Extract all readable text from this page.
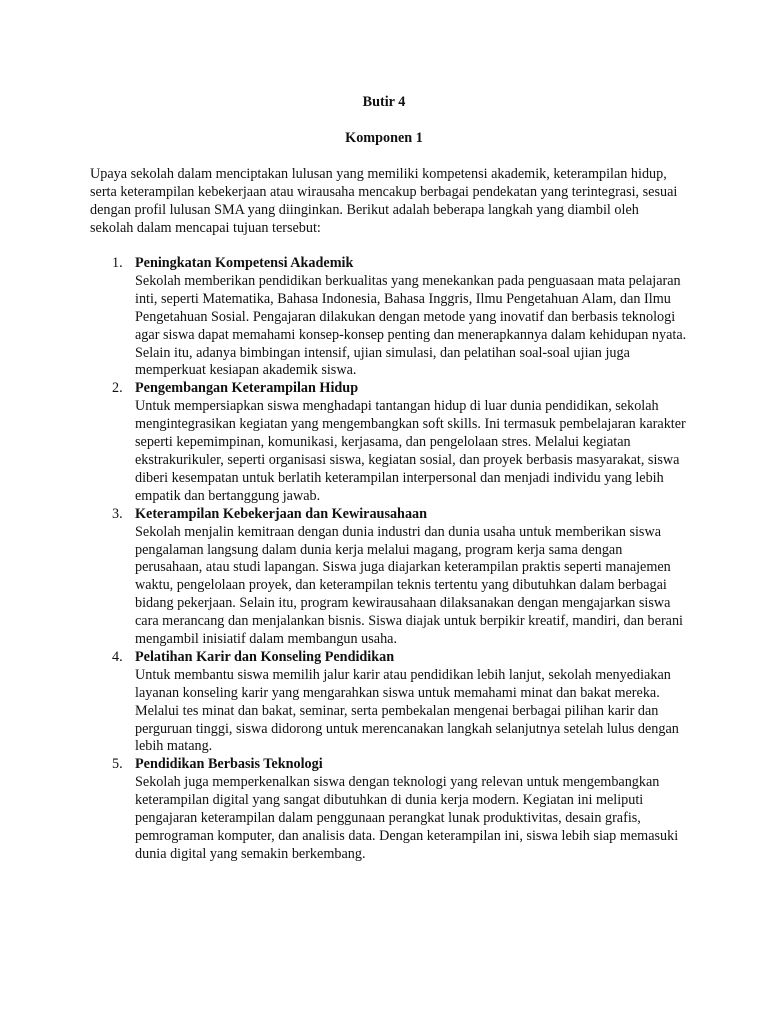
Butir 4

Komponen 1

Upaya sekolah dalam menciptakan lulusan yang memiliki kompetensi akademik, keterampilan hidup, serta keterampilan kebekerjaan atau wirausaha mencakup berbagai pendekatan yang terintegrasi, sesuai dengan profil lulusan SMA yang diinginkan. Berikut adalah beberapa langkah yang diambil oleh sekolah dalam mencapai tujuan tersebut:

1. Peningkatan Kompetensi Akademik
Sekolah memberikan pendidikan berkualitas yang menekankan pada penguasaan mata pelajaran inti, seperti Matematika, Bahasa Indonesia, Bahasa Inggris, Ilmu Pengetahuan Alam, dan Ilmu Pengetahuan Sosial. Pengajaran dilakukan dengan metode yang inovatif dan berbasis teknologi agar siswa dapat memahami konsep-konsep penting dan menerapkannya dalam kehidupan nyata. Selain itu, adanya bimbingan intensif, ujian simulasi, dan pelatihan soal-soal ujian juga memperkuat kesiapan akademik siswa.
2. Pengembangan Keterampilan Hidup
Untuk mempersiapkan siswa menghadapi tantangan hidup di luar dunia pendidikan, sekolah mengintegrasikan kegiatan yang mengembangkan soft skills. Ini termasuk pembelajaran karakter seperti kepemimpinan, komunikasi, kerjasama, dan pengelolaan stres. Melalui kegiatan ekstrakurikuler, seperti organisasi siswa, kegiatan sosial, dan proyek berbasis masyarakat, siswa diberi kesempatan untuk berlatih keterampilan interpersonal dan menjadi individu yang lebih empatik dan bertanggung jawab.
3. Keterampilan Kebekerjaan dan Kewirausahaan
Sekolah menjalin kemitraan dengan dunia industri dan dunia usaha untuk memberikan siswa pengalaman langsung dalam dunia kerja melalui magang, program kerja sama dengan perusahaan, atau studi lapangan. Siswa juga diajarkan keterampilan praktis seperti manajemen waktu, pengelolaan proyek, dan keterampilan teknis tertentu yang dibutuhkan dalam berbagai bidang pekerjaan. Selain itu, program kewirausahaan dilaksanakan dengan mengajarkan siswa cara merancang dan menjalankan bisnis. Siswa diajak untuk berpikir kreatif, mandiri, dan berani mengambil inisiatif dalam membangun usaha.
4. Pelatihan Karir dan Konseling Pendidikan
Untuk membantu siswa memilih jalur karir atau pendidikan lebih lanjut, sekolah menyediakan layanan konseling karir yang mengarahkan siswa untuk memahami minat dan bakat mereka. Melalui tes minat dan bakat, seminar, serta pembekalan mengenai berbagai pilihan karir dan perguruan tinggi, siswa didorong untuk merencanakan langkah selanjutnya setelah lulus dengan lebih matang.
5. Pendidikan Berbasis Teknologi
Sekolah juga memperkenalkan siswa dengan teknologi yang relevan untuk mengembangkan keterampilan digital yang sangat dibutuhkan di dunia kerja modern. Kegiatan ini meliputi pengajaran keterampilan dalam penggunaan perangkat lunak produktivitas, desain grafis, pemrograman komputer, dan analisis data. Dengan keterampilan ini, siswa lebih siap memasuki dunia digital yang semakin berkembang.
